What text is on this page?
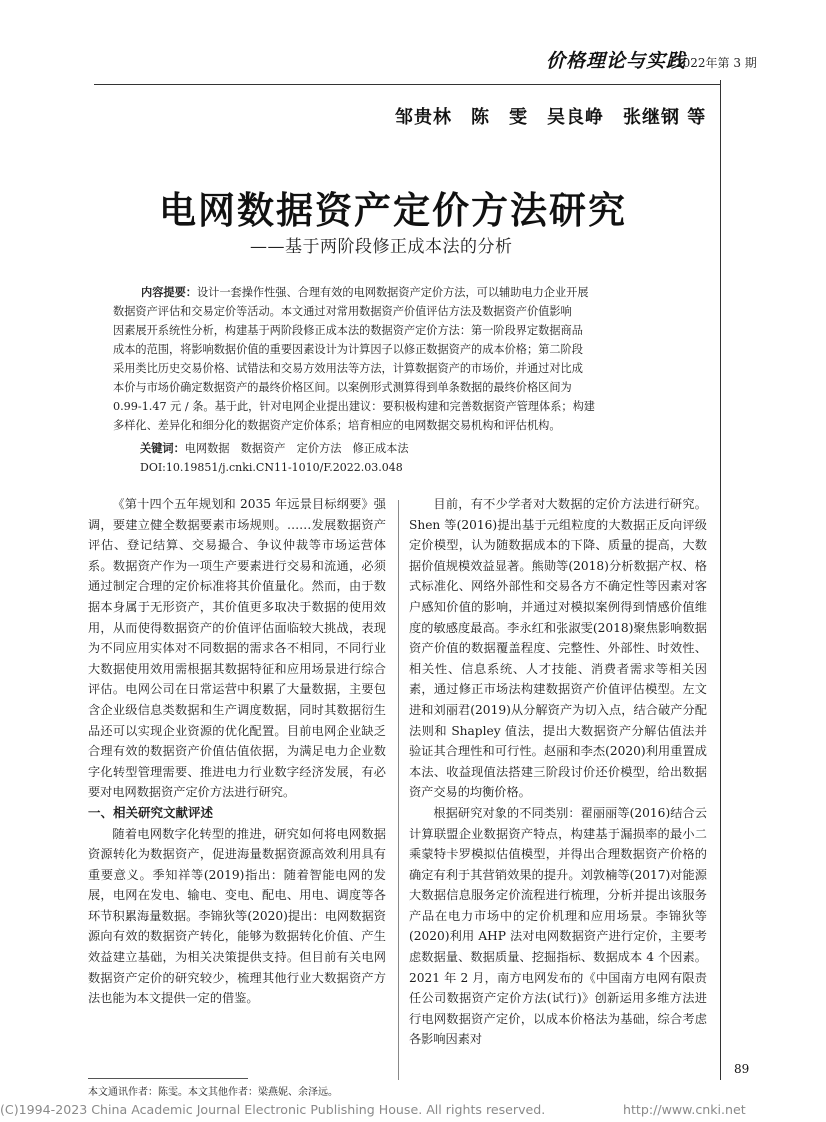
价格理论与实践
2022年第 3 期
邹贵林　陈　雯　吴良峥　张继钢 等
电网数据资产定价方法研究
——基于两阶段修正成本法的分析
内容提要：设计一套操作性强、合理有效的电网数据资产定价方法，可以辅助电力企业开展
数据资产评估和交易定价等活动。本文通过对常用数据资产价值评估方法及数据资产价值影响
因素展开系统性分析，构建基于两阶段修正成本法的数据资产定价方法：第一阶段界定数据商品
成本的范围，将影响数据价值的重要因素设计为计算因子以修正数据资产的成本价格；第二阶段
采用类比历史交易价格、试错法和交易方效用法等方法，计算数据资产的市场价，并通过对比成
本价与市场价确定数据资产的最终价格区间。以案例形式测算得到单条数据的最终价格区间为
0.99-1.47 元 / 条。基于此，针对电网企业提出建议：要积极构建和完善数据资产管理体系；构建
多样化、差异化和细分化的数据资产定价体系；培育相应的电网数据交易机构和评估机构。
关键词：电网数据　数据资产　定价方法　修正成本法
DOI:10.19851/j.cnki.CN11-1010/F.2022.03.048

《第十四个五年规划和 2035 年远景目标纲要》强调，要建立健全数据要素市场规则。……发展数据资产评估、登记结算、交易撮合、争议仲裁等市场运营体系。数据资产作为一项生产要素进行交易和流通，必须通过制定合理的定价标准将其价值量化。然而，由于数据本身属于无形资产，其价值更多取决于数据的使用效用，从而使得数据资产的价值评估面临较大挑战，表现为不同应用实体对不同数据的需求各不相同，不同行业大数据使用效用需根据其数据特征和应用场景进行综合评估。电网公司在日常运营中积累了大量数据，主要包含企业级信息类数据和生产调度数据，同时其数据衍生品还可以实现企业资源的优化配置。目前电网企业缺乏合理有效的数据资产价值估值依据，为满足电力企业数字化转型管理需要、推进电力行业数字经济发展，有必要对电网数据资产定价方法进行研究。

一、相关研究文献评述

随着电网数字化转型的推进，研究如何将电网数据资源转化为数据资产，促进海量数据资源高效利用具有重要意义。季知祥等(2019)指出：随着智能电网的发展，电网在发电、输电、变电、配电、用电、调度等各环节积累海量数据。李锦狄等(2020)提出：电网数据资源向有效的数据资产转化，能够为数据转化价值、产生效益建立基础，为相关决策提供支持。但目前有关电网数据资产定价的研究较少，梳理其他行业大数据资产方法也能为本文提供一定的借鉴。

目前，有不少学者对大数据的定价方法进行研究。Shen 等(2016)提出基于元组粒度的大数据正反向评级定价模型，认为随数据成本的下降、质量的提高，大数据价值规模效益显著。熊勋等(2018)分析数据产权、格式标准化、网络外部性和交易各方不确定性等因素对客户感知价值的影响，并通过对模拟案例得到情感价值维度的敏感度最高。李永红和张淑雯(2018)聚焦影响数据资产价值的数据覆盖程度、完整性、外部性、时效性、相关性、信息系统、人才技能、消费者需求等相关因素，通过修正市场法构建数据资产价值评估模型。左文进和刘丽君(2019)从分解资产为切入点，结合破产分配法则和 Shapley 值法，提出大数据资产分解估值法并验证其合理性和可行性。赵丽和李杰(2020)利用重置成本法、收益现值法搭建三阶段讨价还价模型，给出数据资产交易的均衡价格。

根据研究对象的不同类别：翟丽丽等(2016)结合云计算联盟企业数据资产特点，构建基于漏损率的最小二乘蒙特卡罗模拟估值模型，并得出合理数据资产价格的确定有利于其营销效果的提升。刘敦楠等(2017)对能源大数据信息服务定价流程进行梳理，分析并提出该服务产品在电力市场中的定价机理和应用场景。李锦狄等(2020)利用 AHP 法对电网数据资产进行定价，主要考虑数据量、数据质量、挖掘指标、数据成本 4 个因素。2021 年 2 月，南方电网发布的《中国南方电网有限责任公司数据资产定价方法(试行)》创新运用多维方法进行电网数据资产定价，以成本价格法为基础，综合考虑各影响因素对

本文通讯作者：陈雯。本文其他作者：梁燕妮、余泽远。
89
(C)1994-2023 China Academic Journal Electronic Publishing House. All rights reserved.	http://www.cnki.net
